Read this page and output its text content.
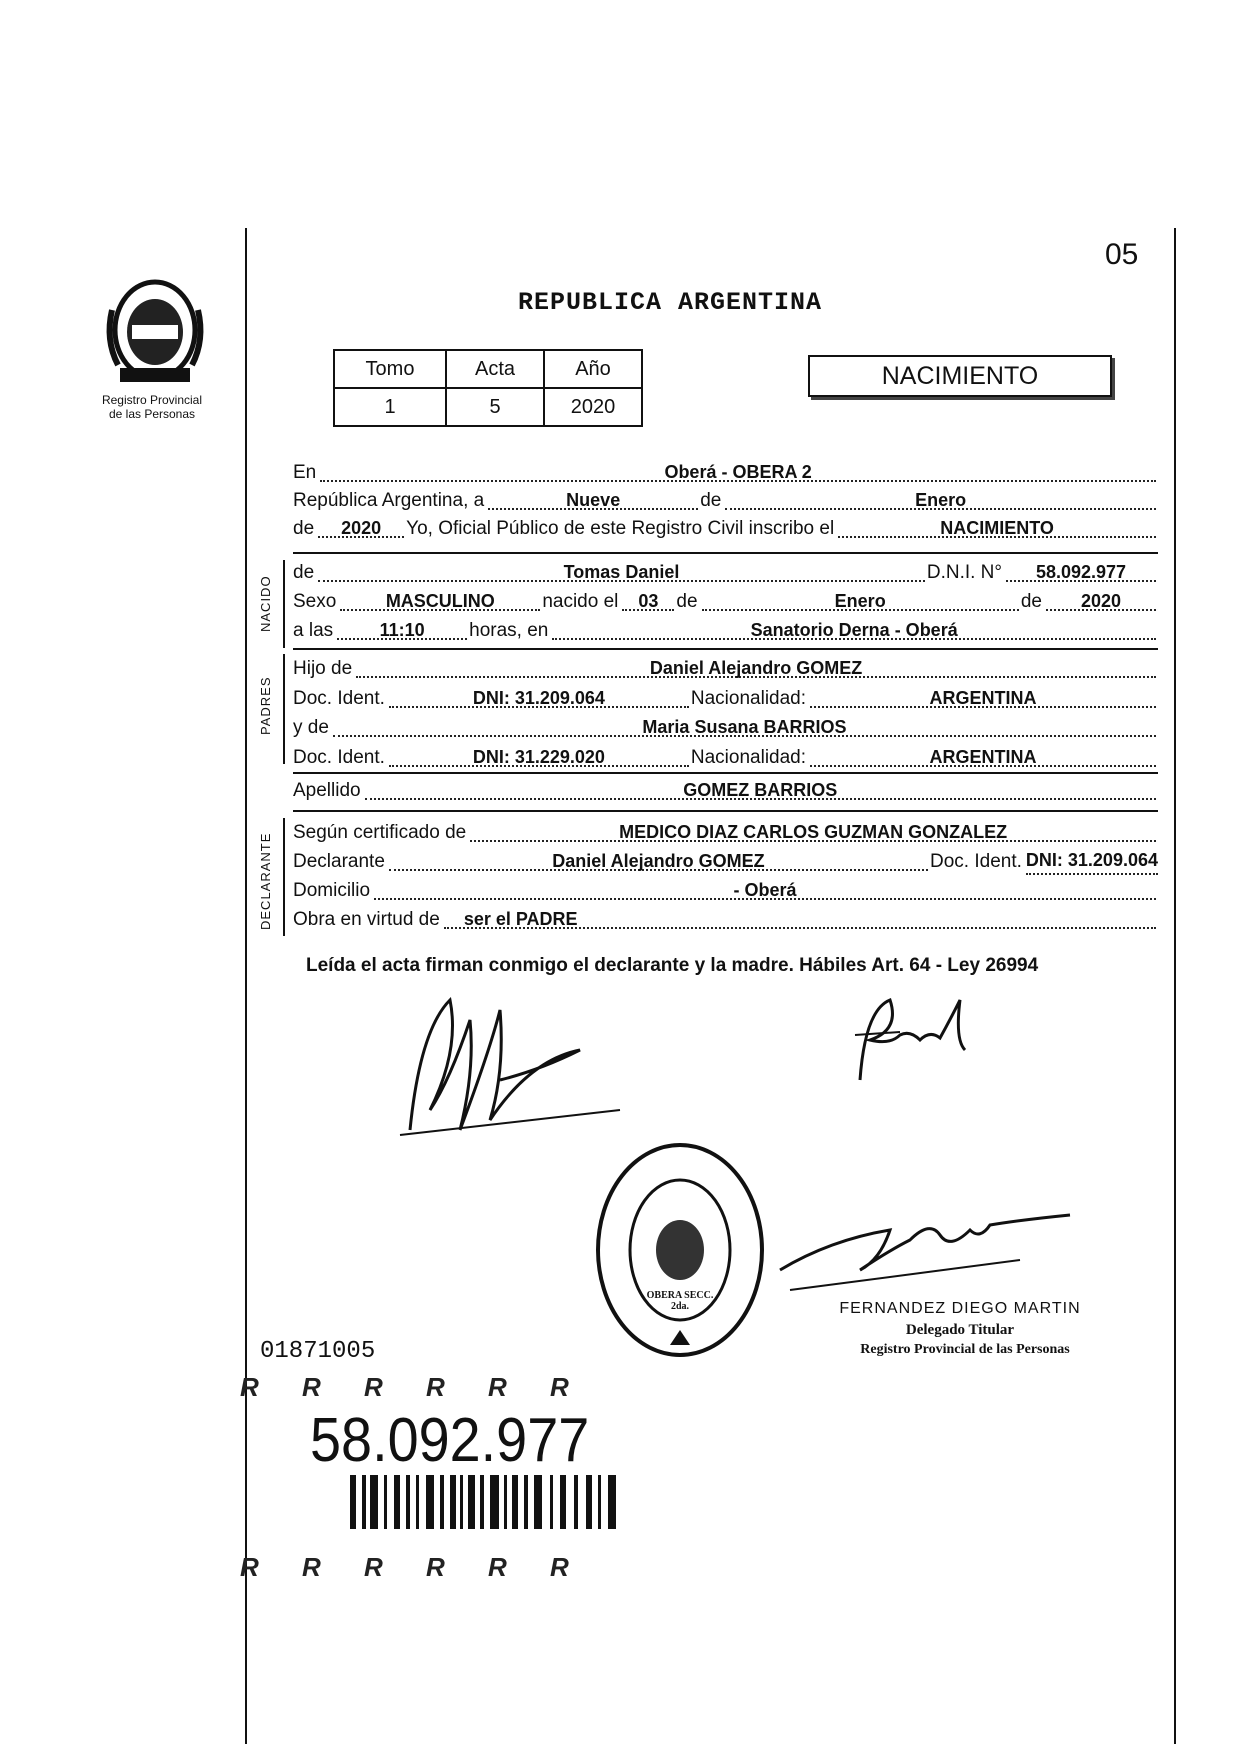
Registro Provincial
de las Personas
05
REPUBLICA ARGENTINA
Tomo	Acta	Año
1	5	2020
NACIMIENTO
En	Oberá - OBERA 2
República Argentina, a	Nueve	de	Enero
de	2020	Yo, Oficial Público de este Registro Civil inscribo el	NACIMIENTO
NACIDO
de	Tomas Daniel	D.N.I. N°	58.092.977
Sexo	MASCULINO	nacido el	03 de	Enero	de	2020
a las	11:10	horas, en	Sanatorio Derna - Oberá
PADRES
Hijo de	Daniel Alejandro GOMEZ
Doc. Ident.	DNI: 31.209.064	Nacionalidad:	ARGENTINA
y de	Maria Susana BARRIOS
Doc. Ident.	DNI: 31.229.020	Nacionalidad:	ARGENTINA
Apellido	GOMEZ BARRIOS
DECLARANTE
Según certificado de	MEDICO DIAZ CARLOS GUZMAN GONZALEZ
Declarante	Daniel Alejandro GOMEZ	Doc. Ident. DNI: 31.209.064
Domicilio	- Oberá
Obra en virtud de	ser el PADRE
Leída el acta firman conmigo el declarante y la madre. Hábiles Art. 64 - Ley 26994
OBERA SECC. 2da.	FERNANDEZ DIEGO MARTIN
Delegado Titular
Registro Provincial de las Personas
01871005
R R R R R R
58.092.977
R R R R R R
